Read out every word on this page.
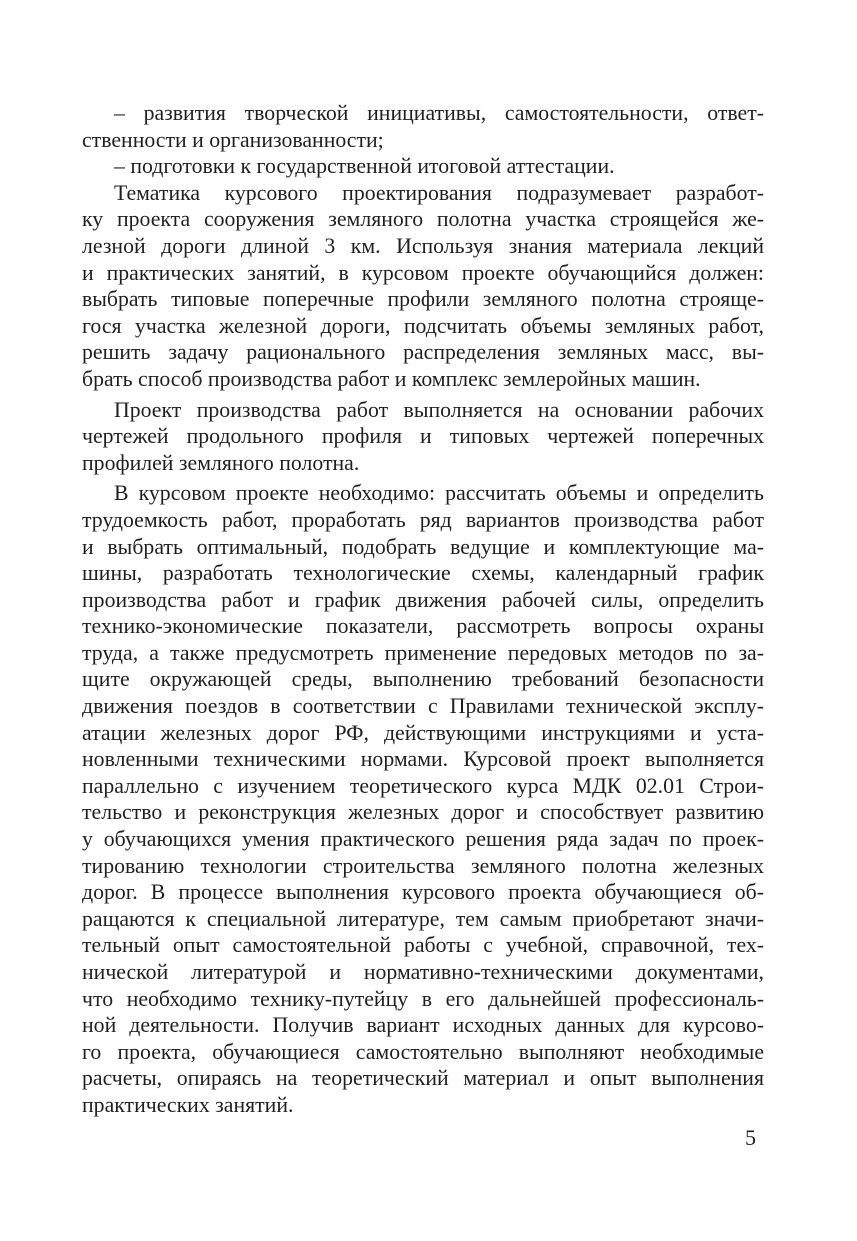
– развития творческой инициативы, самостоятельности, ответ-
ственности и организованности;
– подготовки к государственной итоговой аттестации.
Тематика курсового проектирования подразумевает разработ-
ку проекта сооружения земляного полотна участка строящейся же-
лезной дороги длиной 3 км. Используя знания материала лекций
и практических занятий, в курсовом проекте обучающийся должен:
выбрать типовые поперечные профили земляного полотна строяще-
гося участка железной дороги, подсчитать объемы земляных работ,
решить задачу рационального распределения земляных масс, вы-
брать способ производства работ и комплекс землеройных машин.
Проект производства работ выполняется на основании рабочих
чертежей продольного профиля и типовых чертежей поперечных
профилей земляного полотна.
В курсовом проекте необходимо: рассчитать объемы и определить
трудоемкость работ, проработать ряд вариантов производства работ
и выбрать оптимальный, подобрать ведущие и комплектующие ма-
шины, разработать технологические схемы, календарный график
производства работ и график движения рабочей силы, определить
технико-экономические показатели, рассмотреть вопросы охраны
труда, а также предусмотреть применение передовых методов по за-
щите окружающей среды, выполнению требований безопасности
движения поездов в соответствии с Правилами технической эксплу-
атации железных дорог РФ, действующими инструкциями и уста-
новленными техническими нормами. Курсовой проект выполняется
параллельно с изучением теоретического курса МДК 02.01 Строи-
тельство и реконструкция железных дорог и способствует развитию
у обучающихся умения практического решения ряда задач по проек-
тированию технологии строительства земляного полотна железных
дорог. В процессе выполнения курсового проекта обучающиеся об-
ращаются к специальной литературе, тем самым приобретают значи-
тельный опыт самостоятельной работы с учебной, справочной, тех-
нической литературой и нормативно-техническими документами,
что необходимо технику-путейцу в его дальнейшей профессиональ-
ной деятельности. Получив вариант исходных данных для курсово-
го проекта, обучающиеся самостоятельно выполняют необходимые
расчеты, опираясь на теоретический материал и опыт выполнения
практических занятий.
5
